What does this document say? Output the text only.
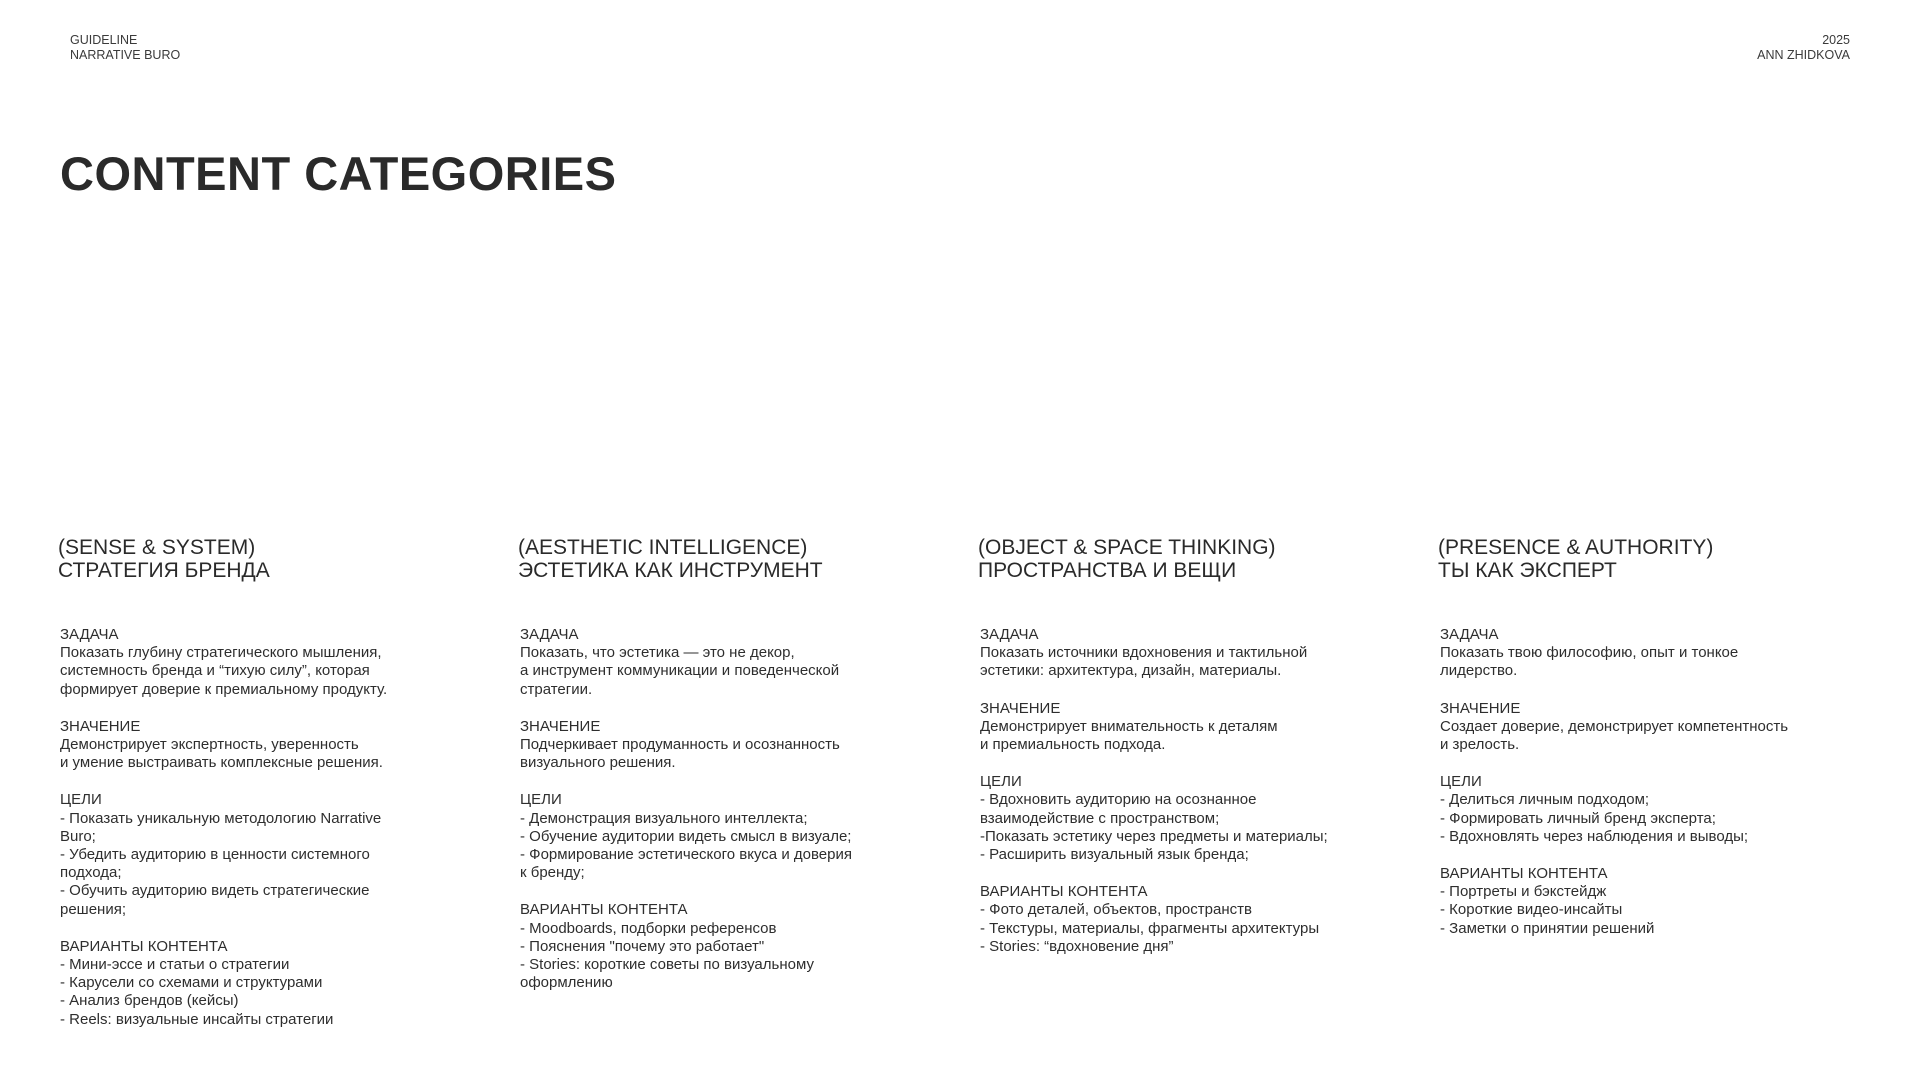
GUIDELINE
NARRATIVE BURO
2025
ANN ZHIDKOVA
CONTENT CATEGORIES
(SENSE & SYSTEM)
СТРАТЕГИЯ БРЕНДА
ЗАДАЧА
Показать глубину стратегического мышления,
системность бренда и “тихую силу”, которая
формирует доверие к премиальному продукту.
ЗНАЧЕНИЕ
Демонстрирует экспертность, уверенность
и умение выстраивать комплексные решения.
ЦЕЛИ
- Показать уникальную методологию Narrative
Buro;
- Убедить аудиторию в ценности системного
подхода;
- Обучить аудиторию видеть стратегические
решения;
ВАРИАНТЫ КОНТЕНТА
- Мини-эссе и статьи о стратегии
- Карусели со схемами и структурами
- Анализ брендов (кейсы)
- Reels: визуальные инсайты стратегии
(AESTHETIC INTELLIGENCE)
ЭСТЕТИКА КАК ИНСТРУМЕНТ
ЗАДАЧА
Показать, что эстетика — это не декор,
а инструмент коммуникации и поведенческой
стратегии.
ЗНАЧЕНИЕ
Подчеркивает продуманность и осознанность
визуального решения.
ЦЕЛИ
- Демонстрация визуального интеллекта;
- Обучение аудитории видеть смысл в визуале;
- Формирование эстетического вкуса и доверия
к бренду;
ВАРИАНТЫ КОНТЕНТА
- Moodboards, подборки референсов
- Пояснения "почему это работает"
- Stories: короткие советы по визуальному
оформлению
(OBJECT & SPACE THINKING)
ПРОСТРАНСТВА И ВЕЩИ
ЗАДАЧА
Показать источники вдохновения и тактильной
эстетики: архитектура, дизайн, материалы.
ЗНАЧЕНИЕ
Демонстрирует внимательность к деталям
и премиальность подхода.
ЦЕЛИ
- Вдохновить аудиторию на осознанное
взаимодействие с пространством;
-Показать эстетику через предметы и материалы;
- Расширить визуальный язык бренда;
ВАРИАНТЫ КОНТЕНТА
- Фото деталей, объектов, пространств
- Текстуры, материалы, фрагменты архитектуры
- Stories: “вдохновение дня”
(PRESENCE & AUTHORITY)
ТЫ КАК ЭКСПЕРТ
ЗАДАЧА
Показать твою философию, опыт и тонкое
лидерство.
ЗНАЧЕНИЕ
Создает доверие, демонстрирует компетентность
и зрелость.
ЦЕЛИ
- Делиться личным подходом;
- Формировать личный бренд эксперта;
- Вдохновлять через наблюдения и выводы;
ВАРИАНТЫ КОНТЕНТА
- Портреты и бэкстейдж
- Короткие видео-инсайты
- Заметки о принятии решений
